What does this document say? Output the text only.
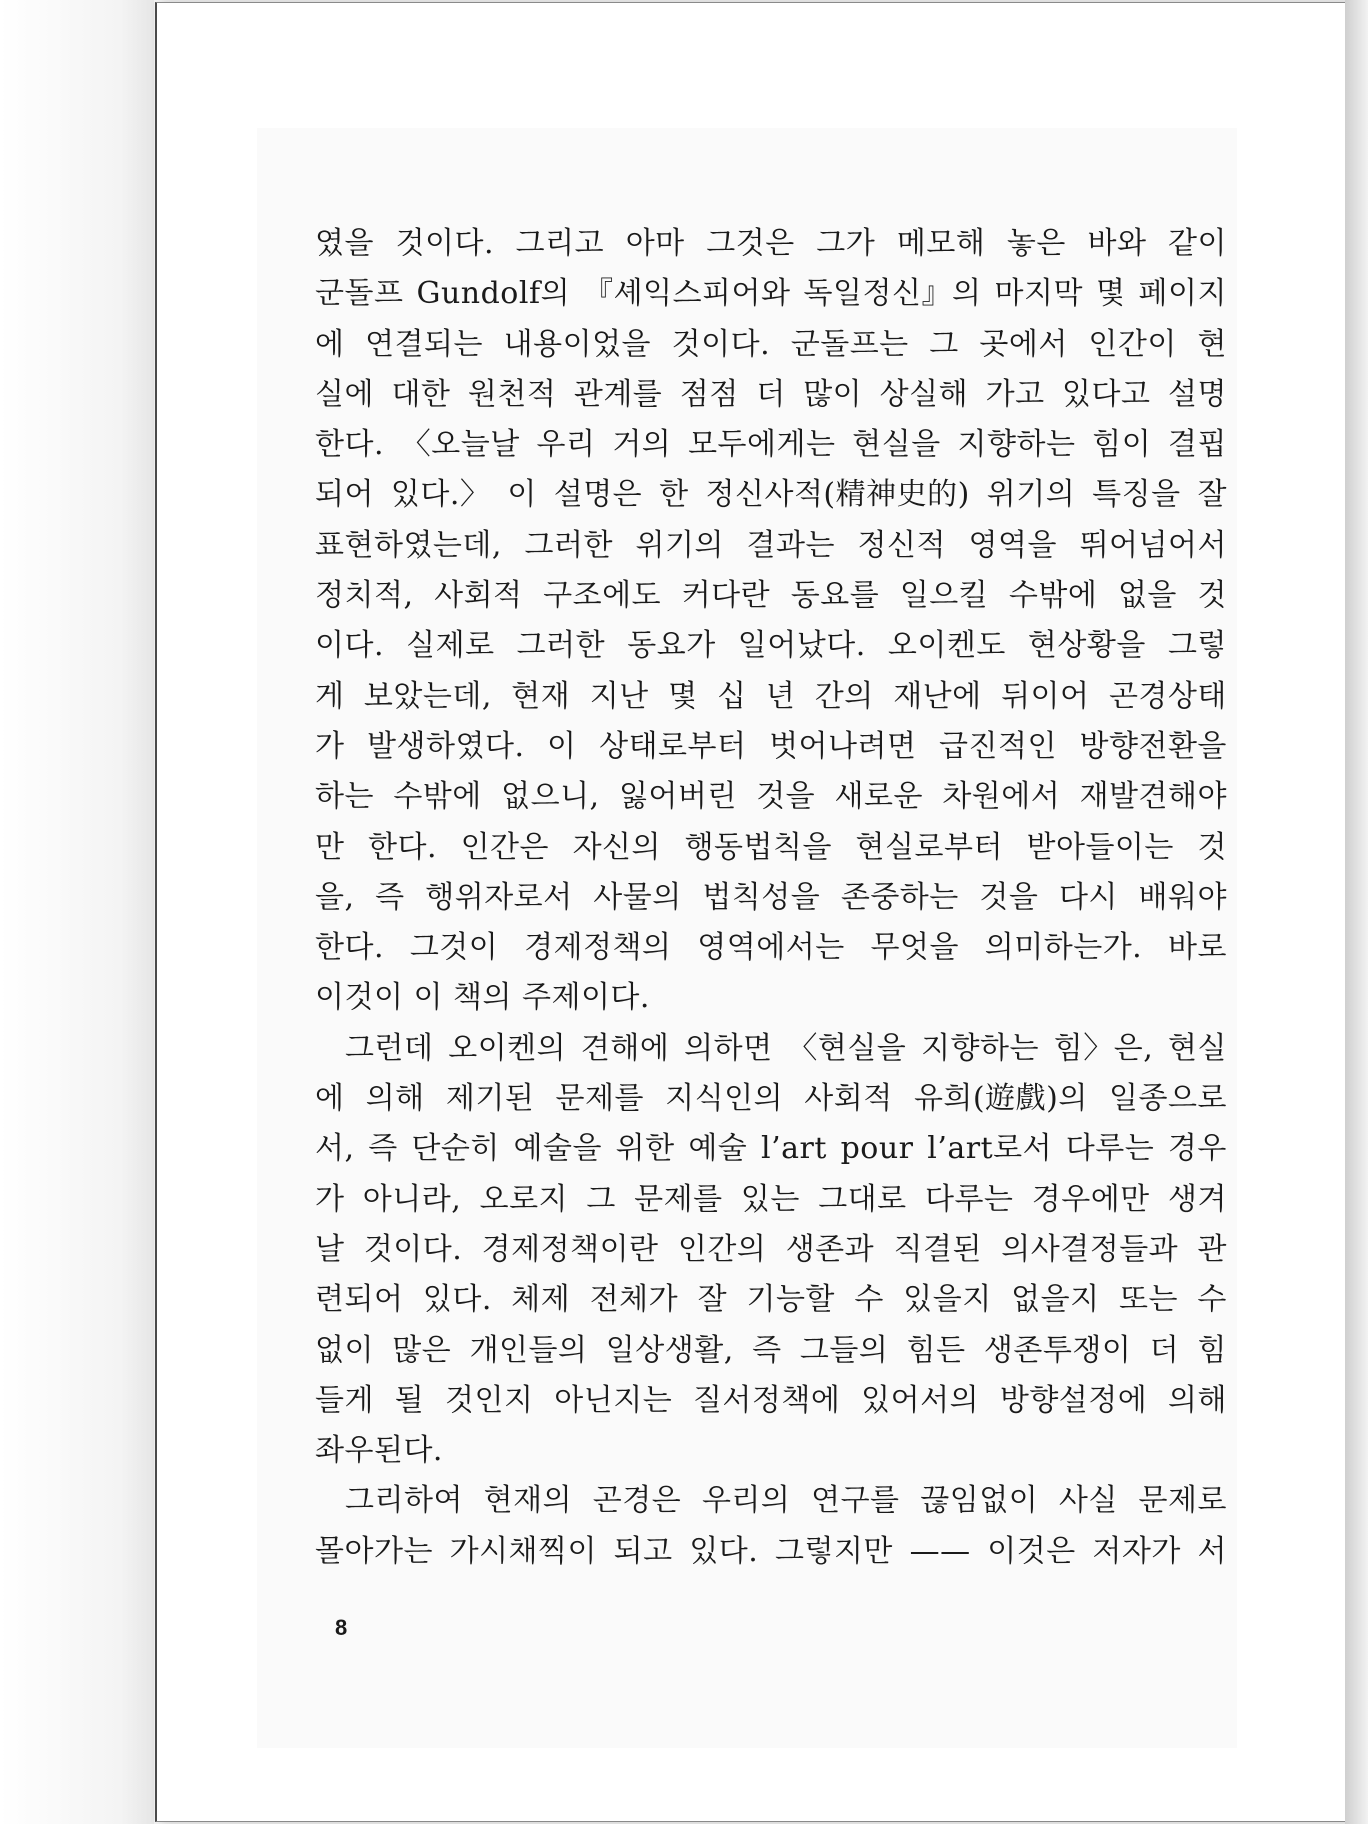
였을 것이다. 그리고 아마 그것은 그가 메모해 놓은 바와 같이
군돌프 Gundolf의 『셰익스피어와 독일정신』의 마지막 몇 페이지
에 연결되는 내용이었을 것이다. 군돌프는 그 곳에서 인간이 현
실에 대한 원천적 관계를 점점 더 많이 상실해 가고 있다고 설명
한다. 〈오늘날 우리 거의 모두에게는 현실을 지향하는 힘이 결핍
되어 있다.〉 이 설명은 한 정신사적(精神史的) 위기의 특징을 잘
표현하였는데, 그러한 위기의 결과는 정신적 영역을 뛰어넘어서
정치적, 사회적 구조에도 커다란 동요를 일으킬 수밖에 없을 것
이다. 실제로 그러한 동요가 일어났다. 오이켄도 현상황을 그렇
게 보았는데, 현재 지난 몇 십 년 간의 재난에 뒤이어 곤경상태
가 발생하였다. 이 상태로부터 벗어나려면 급진적인 방향전환을
하는 수밖에 없으니, 잃어버린 것을 새로운 차원에서 재발견해야
만 한다. 인간은 자신의 행동법칙을 현실로부터 받아들이는 것
을, 즉 행위자로서 사물의 법칙성을 존중하는 것을 다시 배워야
한다. 그것이 경제정책의 영역에서는 무엇을 의미하는가. 바로
이것이 이 책의 주제이다.
그런데 오이켄의 견해에 의하면 〈현실을 지향하는 힘〉은, 현실
에 의해 제기된 문제를 지식인의 사회적 유희(遊戲)의 일종으로
서, 즉 단순히 예술을 위한 예술 l’art pour l’art로서 다루는 경우
가 아니라, 오로지 그 문제를 있는 그대로 다루는 경우에만 생겨
날 것이다. 경제정책이란 인간의 생존과 직결된 의사결정들과 관
련되어 있다. 체제 전체가 잘 기능할 수 있을지 없을지 또는 수
없이 많은 개인들의 일상생활, 즉 그들의 힘든 생존투쟁이 더 힘
들게 될 것인지 아닌지는 질서정책에 있어서의 방향설정에 의해
좌우된다.
그리하여 현재의 곤경은 우리의 연구를 끊임없이 사실 문제로
몰아가는 가시채찍이 되고 있다. 그렇지만 —— 이것은 저자가 서
8
